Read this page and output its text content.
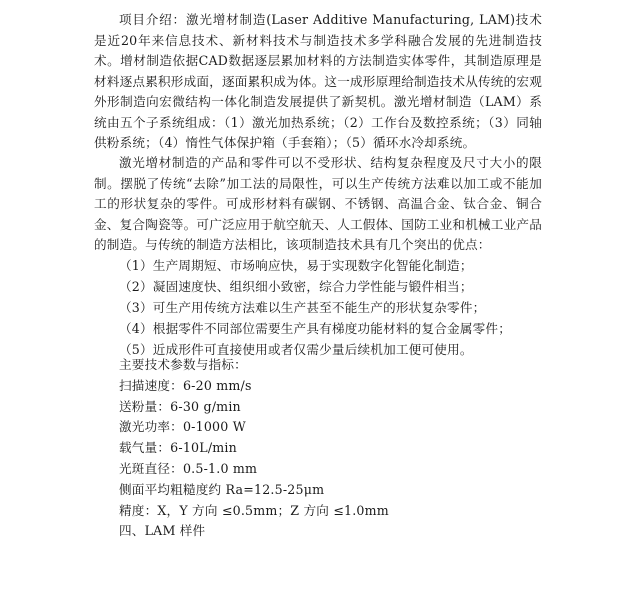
项目介绍：激光增材制造(Laser Additive Manufacturing, LAM)技术是近20年来信息技术、新材料技术与制造技术多学科融合发展的先进制造技术。增材制造依据CAD数据逐层累加材料的方法制造实体零件，其制造原理是材料逐点累积形成面，逐面累积成为体。这一成形原理给制造技术从传统的宏观外形制造向宏微结构一体化制造发展提供了新契机。激光增材制造（LAM）系统由五个子系统组成：（1）激光加热系统；（2）工作台及数控系统；（3）同轴供粉系统；（4）惰性气体保护箱（手套箱）；（5）循环水冷却系统。
激光增材制造的产品和零件可以不受形状、结构复杂程度及尺寸大小的限制。摆脱了传统“去除”加工法的局限性，可以生产传统方法难以加工或不能加工的形状复杂的零件。可成形材料有碳钢、不锈钢、高温合金、钛合金、铜合金、复合陶瓷等。可广泛应用于航空航天、人工假体、国防工业和机械工业产品的制造。与传统的制造方法相比，该项制造技术具有几个突出的优点：
（1）生产周期短、市场响应快，易于实现数字化智能化制造；
（2）凝固速度快、组织细小致密，综合力学性能与锻件相当；
（3）可生产用传统方法难以生产甚至不能生产的形状复杂零件；
（4）根据零件不同部位需要生产具有梯度功能材料的复合金属零件；
（5）近成形件可直接使用或者仅需少量后续机加工便可使用。
主要技术参数与指标：
扫描速度：6-20 mm/s
送粉量：6-30 g/min
激光功率：0-1000 W
载气量：6-10L/min
光斑直径：0.5-1.0 mm
侧面平均粗糙度约 Ra=12.5-25μm
精度：X，Y 方向 ≤0.5mm；Z 方向 ≤1.0mm
四、LAM 样件
